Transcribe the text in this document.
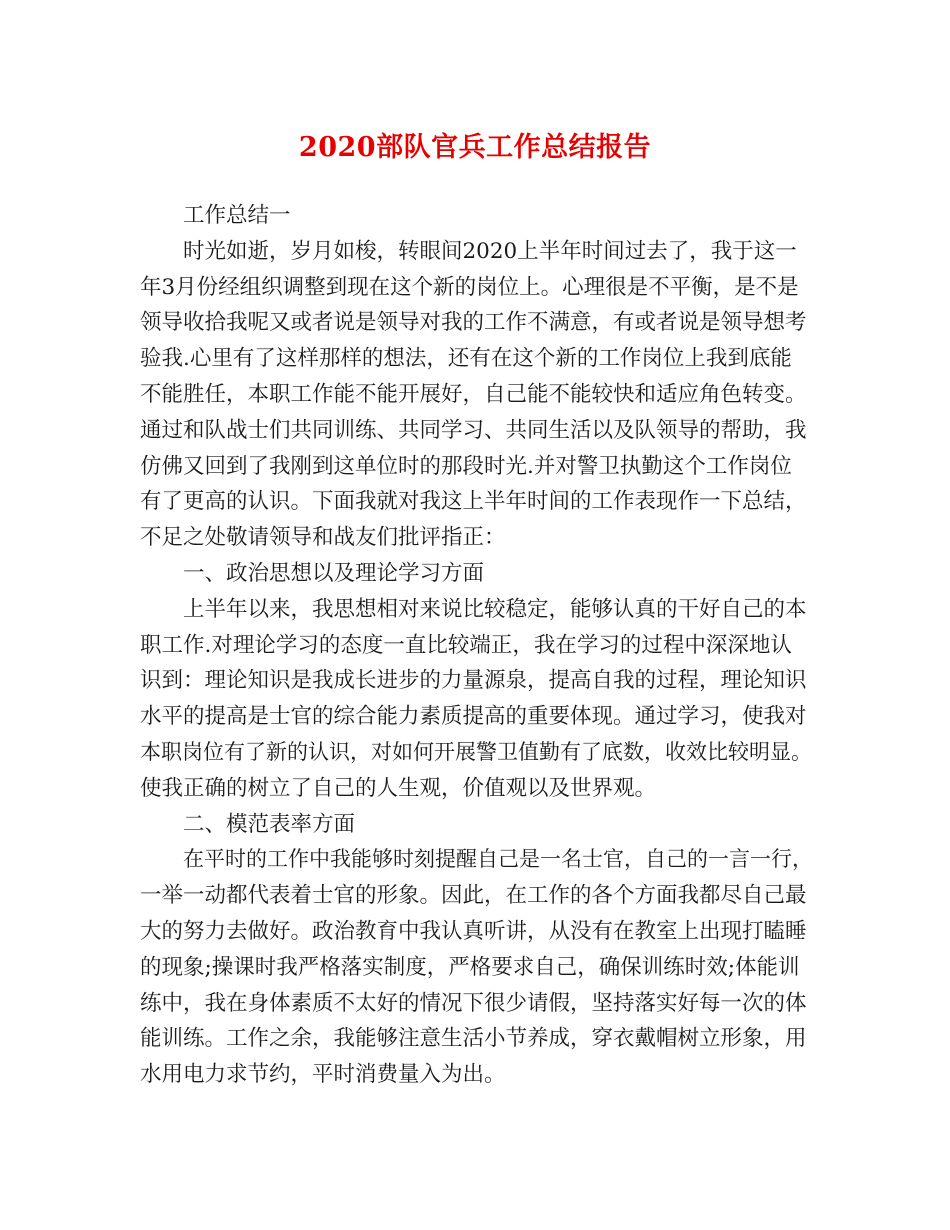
2020部队官兵工作总结报告
工作总结一
时光如逝，岁月如梭，转眼间2020上半年时间过去了，我于这一
年3月份经组织调整到现在这个新的岗位上。心理很是不平衡，是不是
领导收拾我呢又或者说是领导对我的工作不满意，有或者说是领导想考
验我.心里有了这样那样的想法，还有在这个新的工作岗位上我到底能
不能胜任，本职工作能不能开展好，自己能不能较快和适应角色转变。
通过和队战士们共同训练、共同学习、共同生活以及队领导的帮助，我
仿佛又回到了我刚到这单位时的那段时光.并对警卫执勤这个工作岗位
有了更高的认识。下面我就对我这上半年时间的工作表现作一下总结，
不足之处敬请领导和战友们批评指正：
一、政治思想以及理论学习方面
上半年以来，我思想相对来说比较稳定，能够认真的干好自己的本
职工作.对理论学习的态度一直比较端正，我在学习的过程中深深地认
识到：理论知识是我成长进步的力量源泉，提高自我的过程，理论知识
水平的提高是士官的综合能力素质提高的重要体现。通过学习，使我对
本职岗位有了新的认识，对如何开展警卫值勤有了底数，收效比较明显。
使我正确的树立了自己的人生观，价值观以及世界观。
二、模范表率方面
在平时的工作中我能够时刻提醒自己是一名士官，自己的一言一行，
一举一动都代表着士官的形象。因此，在工作的各个方面我都尽自己最
大的努力去做好。政治教育中我认真听讲，从没有在教室上出现打瞌睡
的现象;操课时我严格落实制度，严格要求自己，确保训练时效;体能训
练中，我在身体素质不太好的情况下很少请假，坚持落实好每一次的体
能训练。工作之余，我能够注意生活小节养成，穿衣戴帽树立形象，用
水用电力求节约，平时消费量入为出。
